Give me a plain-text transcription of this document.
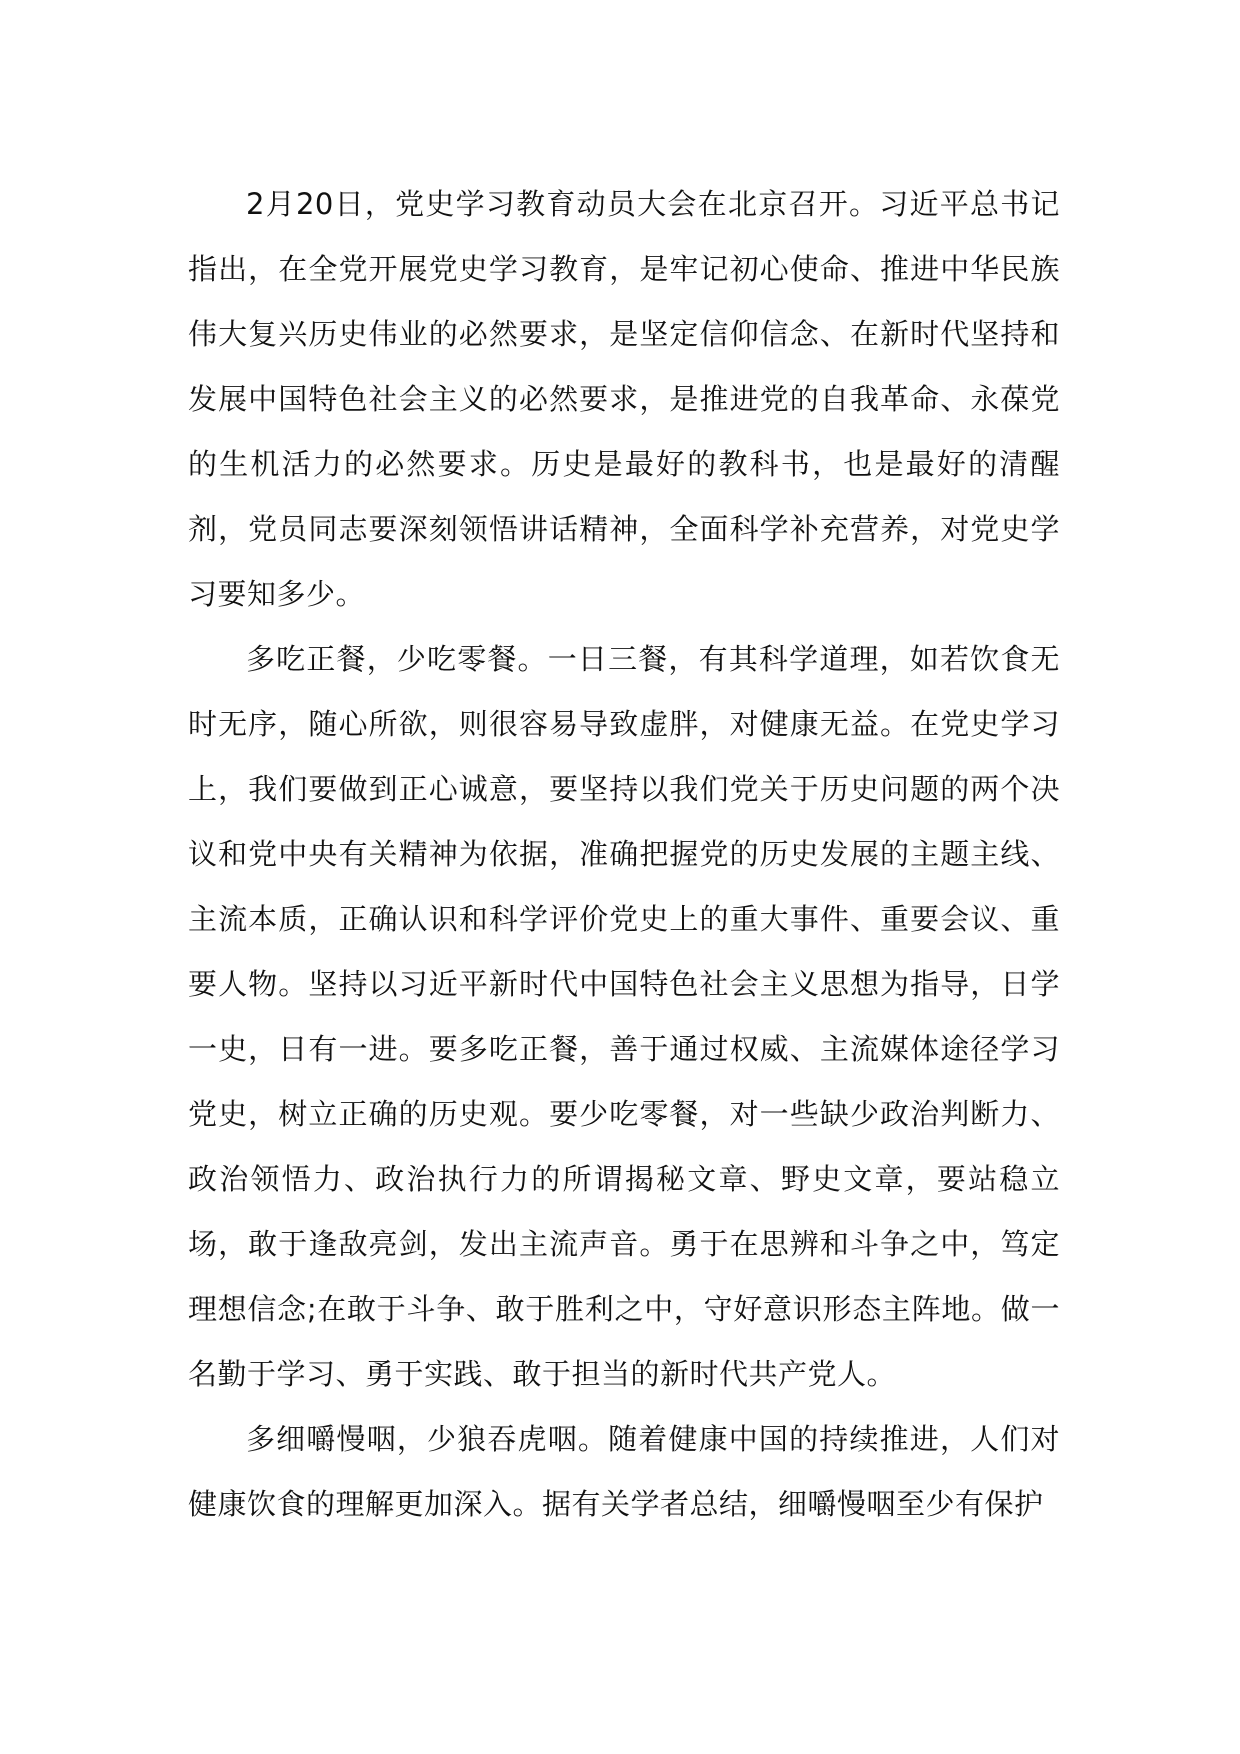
2月20日，党史学习教育动员大会在北京召开。习近平总书记指出，在全党开展党史学习教育，是牢记初心使命、推进中华民族伟大复兴历史伟业的必然要求，是坚定信仰信念、在新时代坚持和发展中国特色社会主义的必然要求，是推进党的自我革命、永葆党的生机活力的必然要求。历史是最好的教科书，也是最好的清醒剂，党员同志要深刻领悟讲话精神，全面科学补充营养，对党史学习要知多少。

多吃正餐，少吃零餐。一日三餐，有其科学道理，如若饮食无时无序，随心所欲，则很容易导致虚胖，对健康无益。在党史学习上，我们要做到正心诚意，要坚持以我们党关于历史问题的两个决议和党中央有关精神为依据，准确把握党的历史发展的主题主线、主流本质，正确认识和科学评价党史上的重大事件、重要会议、重要人物。坚持以习近平新时代中国特色社会主义思想为指导，日学一史，日有一进。要多吃正餐，善于通过权威、主流媒体途径学习党史，树立正确的历史观。要少吃零餐，对一些缺少政治判断力、政治领悟力、政治执行力的所谓揭秘文章、野史文章，要站稳立场，敢于逢敌亮剑，发出主流声音。勇于在思辨和斗争之中，笃定理想信念;在敢于斗争、敢于胜利之中，守好意识形态主阵地。做一名勤于学习、勇于实践、敢于担当的新时代共产党人。

多细嚼慢咽，少狼吞虎咽。随着健康中国的持续推进，人们对健康饮食的理解更加深入。据有关学者总结，细嚼慢咽至少有保护
